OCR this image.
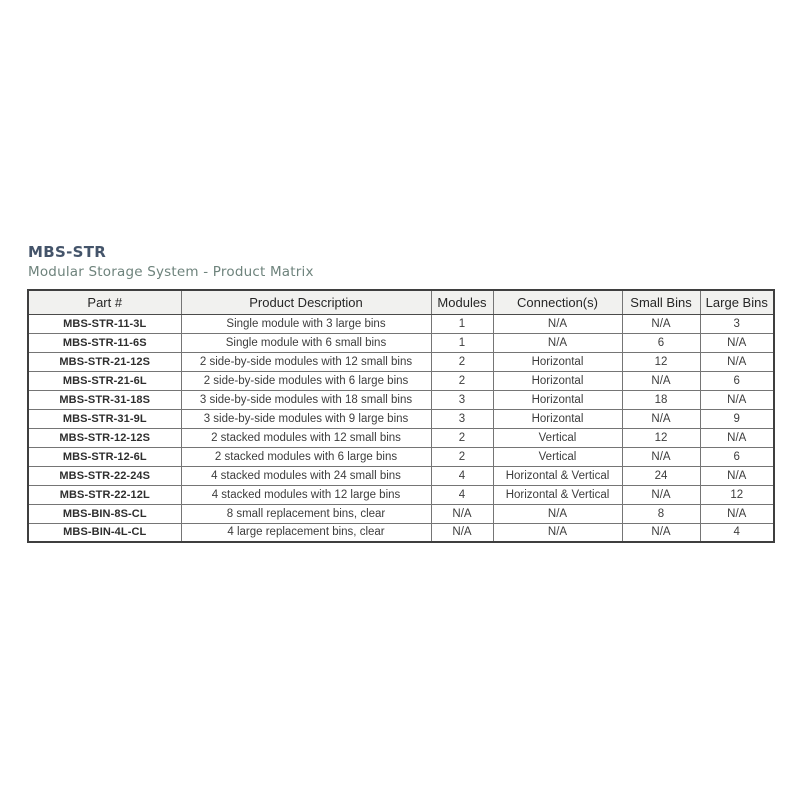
MBS-STR
Modular Storage System - Product Matrix
Part #	Product Description	Modules	Connection(s)	Small Bins	Large Bins
MBS-STR-11-3L	Single module with 3 large bins	1	N/A	N/A	3
MBS-STR-11-6S	Single module with 6 small bins	1	N/A	6	N/A
MBS-STR-21-12S	2 side-by-side modules with 12 small bins	2	Horizontal	12	N/A
MBS-STR-21-6L	2 side-by-side modules with 6 large bins	2	Horizontal	N/A	6
MBS-STR-31-18S	3 side-by-side modules with 18 small bins	3	Horizontal	18	N/A
MBS-STR-31-9L	3 side-by-side modules with 9 large bins	3	Horizontal	N/A	9
MBS-STR-12-12S	2 stacked modules with 12 small bins	2	Vertical	12	N/A
MBS-STR-12-6L	2 stacked modules with 6 large bins	2	Vertical	N/A	6
MBS-STR-22-24S	4 stacked modules with 24 small bins	4	Horizontal & Vertical	24	N/A
MBS-STR-22-12L	4 stacked modules with 12 large bins	4	Horizontal & Vertical	N/A	12
MBS-BIN-8S-CL	8 small replacement bins, clear	N/A	N/A	8	N/A
MBS-BIN-4L-CL	4 large replacement bins, clear	N/A	N/A	N/A	4
